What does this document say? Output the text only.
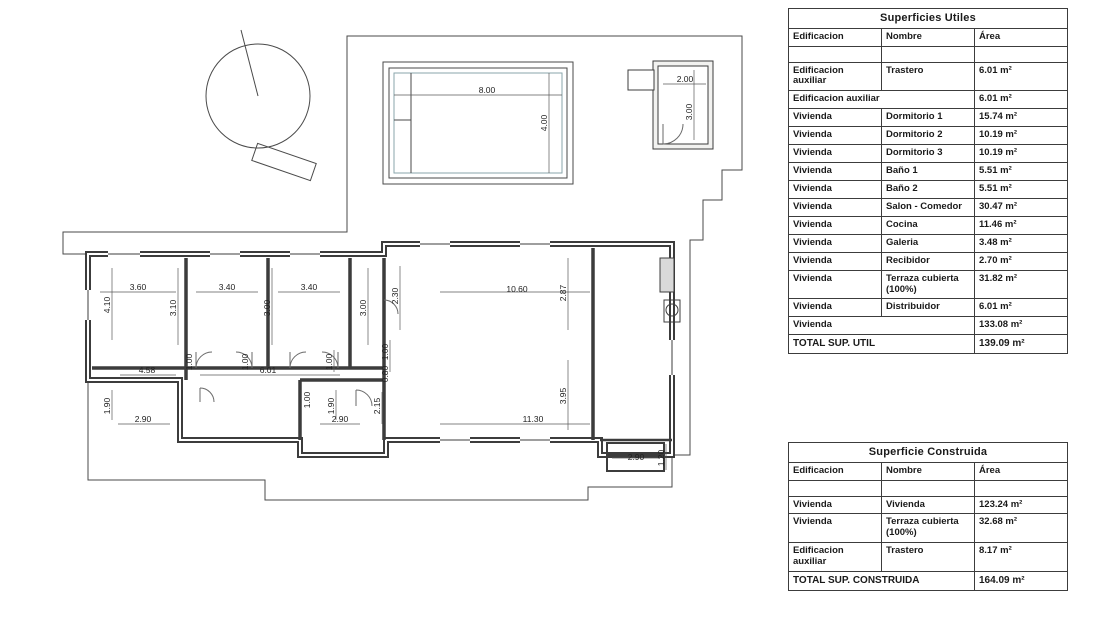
8.00
4.00
2.00
3.00
3.60	3.40	3.40
4.10	3.10	3.00	3.00
2.30	10.60	2.87
3.95
4.58	6.01
1.90
2.90
1.90
2.90	11.30
1.00	1.00	1.00
1.00
0.80
1.00	2.15
2.90 1.20
Superficies Utiles		
Edificacion	Nombre	Área

Edificacion auxiliar	Trastero	6.01 m²
Edificacion auxiliar		6.01 m²
Vivienda	Dormitorio 1	15.74 m²
Vivienda	Dormitorio 2	10.19 m²
Vivienda	Dormitorio 3	10.19 m²
Vivienda	Baño 1	5.51 m²
Vivienda	Baño 2	5.51 m²
Vivienda	Salon - Comedor	30.47 m²
Vivienda	Cocina	11.46 m²
Vivienda	Galeria	3.48 m²
Vivienda	Recibidor	2.70 m²
Vivienda	Terraza cubierta (100%)	31.82 m²
Vivienda	Distribuidor	6.01 m²
Vivienda		133.08 m²
TOTAL SUP. UTIL		139.09 m²
Superficie Construida		
Edificacion	Nombre	Área

Vivienda	Vivienda	123.24 m²
Vivienda	Terraza cubierta (100%)	32.68 m²
Edificacion auxiliar	Trastero	8.17 m²
TOTAL SUP. CONSTRUIDA		164.09 m²
